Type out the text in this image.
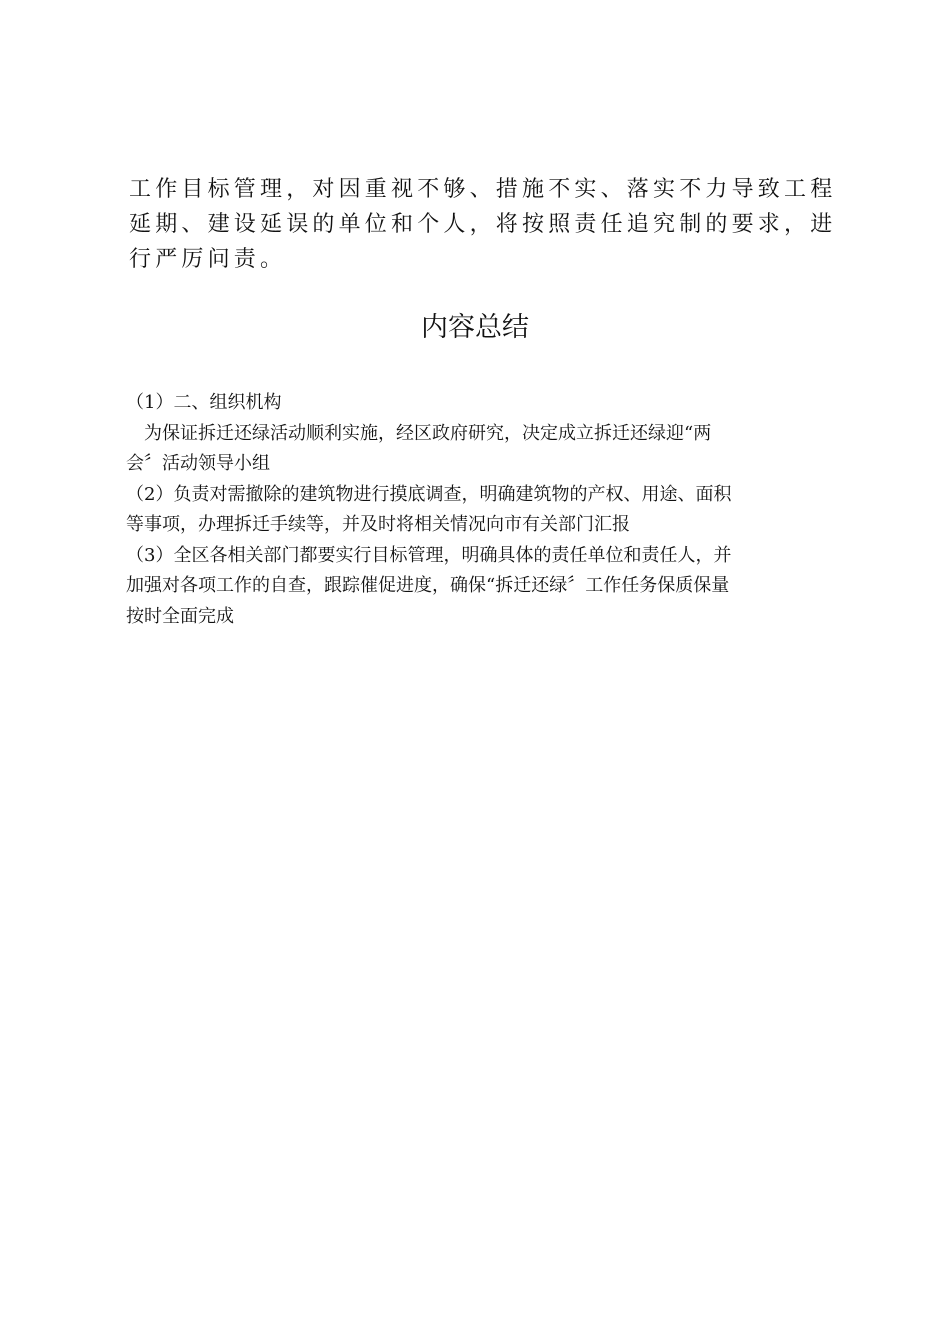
工作目标管理，对因重视不够、措施不实、落实不力导致工程

延期、建设延误的单位和个人，将按照责任追究制的要求，进

行严厉问责。

内容总结

（1）二、组织机构

　为保证拆迁还绿活动顺利实施，经区政府研究，决定成立拆迁还绿迎“两

会〞活动领导小组

（2）负责对需撤除的建筑物进行摸底调查，明确建筑物的产权、用途、面积

等事项，办理拆迁手续等，并及时将相关情况向市有关部门汇报

（3）全区各相关部门都要实行目标管理，明确具体的责任单位和责任人，并

加强对各项工作的自查，跟踪催促进度，确保“拆迁还绿〞工作任务保质保量

按时全面完成
